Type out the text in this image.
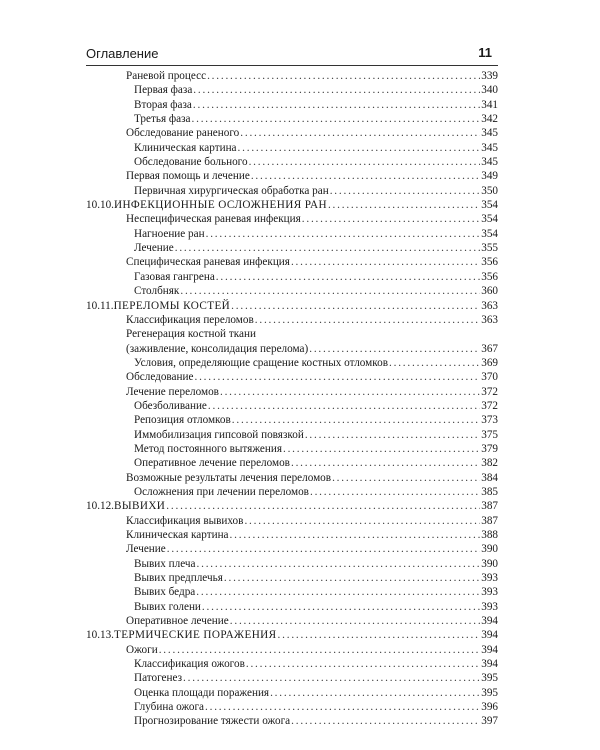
Оглавление	11
Раневой процесс . . .	339
Первая фаза . . .	340
Вторая фаза . . .	341
Третья фаза . . .	342
Обследование раненого . . .	345
Клиническая картина . . .	345
Обследование больного . . .	345
Первая помощь и лечение . . .	349
Первичная хирургическая обработка ран . . .	350
10.10. ИНФЕКЦИОННЫЕ ОСЛОЖНЕНИЯ РАН . . .	354
Неспецифическая раневая инфекция . . .	354
Нагноение ран . . .	354
Лечение . . .	355
Специфическая раневая инфекция . . .	356
Газовая гангрена . . .	356
Столбняк . . .	360
10.11. ПЕРЕЛОМЫ КОСТЕЙ . . .	363
Классификация переломов . . .	363
Регенерация костной ткани
(заживление, консолидация перелома) . . .	367
Условия, определяющие сращение костных отломков . . .	369
Обследование . . .	370
Лечение переломов . . .	372
Обезболивание . . .	372
Репозиция отломков . . .	373
Иммобилизация гипсовой повязкой . . .	375
Метод постоянного вытяжения . . .	379
Оперативное лечение переломов . . .	382
Возможные результаты лечения переломов . . .	384
Осложнения при лечении переломов . . .	385
10.12. ВЫВИХИ . . .	387
Классификация вывихов . . .	387
Клиническая картина . . .	388
Лечение . . .	390
Вывих плеча . . .	390
Вывих предплечья . . .	393
Вывих бедра . . .	393
Вывих голени . . .	393
Оперативное лечение . . .	394
10.13. ТЕРМИЧЕСКИЕ ПОРАЖЕНИЯ . . .	394
Ожоги . . .	394
Классификация ожогов . . .	394
Патогенез . . .	395
Оценка площади поражения . . .	395
Глубина ожога . . .	396
Прогнозирование тяжести ожога . . .	397
